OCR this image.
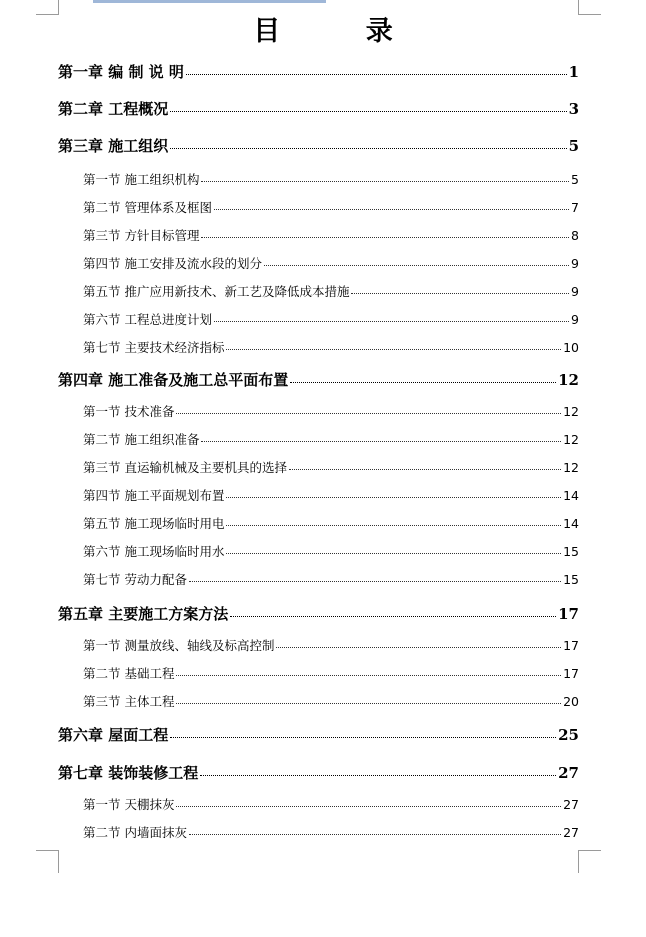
目 录
第一章 编 制 说 明	1
第二章 工程概况	3
第三章 施工组织	5
第一节 施工组织机构	5
第二节 管理体系及框图	7
第三节 方针目标管理	8
第四节 施工安排及流水段的划分	9
第五节 推广应用新技术、新工艺及降低成本措施	9
第六节 工程总进度计划	9
第七节 主要技术经济指标	10
第四章 施工准备及施工总平面布置	12
第一节 技术准备	12
第二节 施工组织准备	12
第三节 直运输机械及主要机具的选择	12
第四节 施工平面规划布置	14
第五节 施工现场临时用电	14
第六节 施工现场临时用水	15
第七节 劳动力配备	15
第五章 主要施工方案方法	17
第一节 测量放线、轴线及标高控制	17
第二节 基础工程	17
第三节 主体工程	20
第六章 屋面工程	25
第七章 装饰装修工程	27
第一节 天棚抹灰	27
第二节 内墙面抹灰	27
